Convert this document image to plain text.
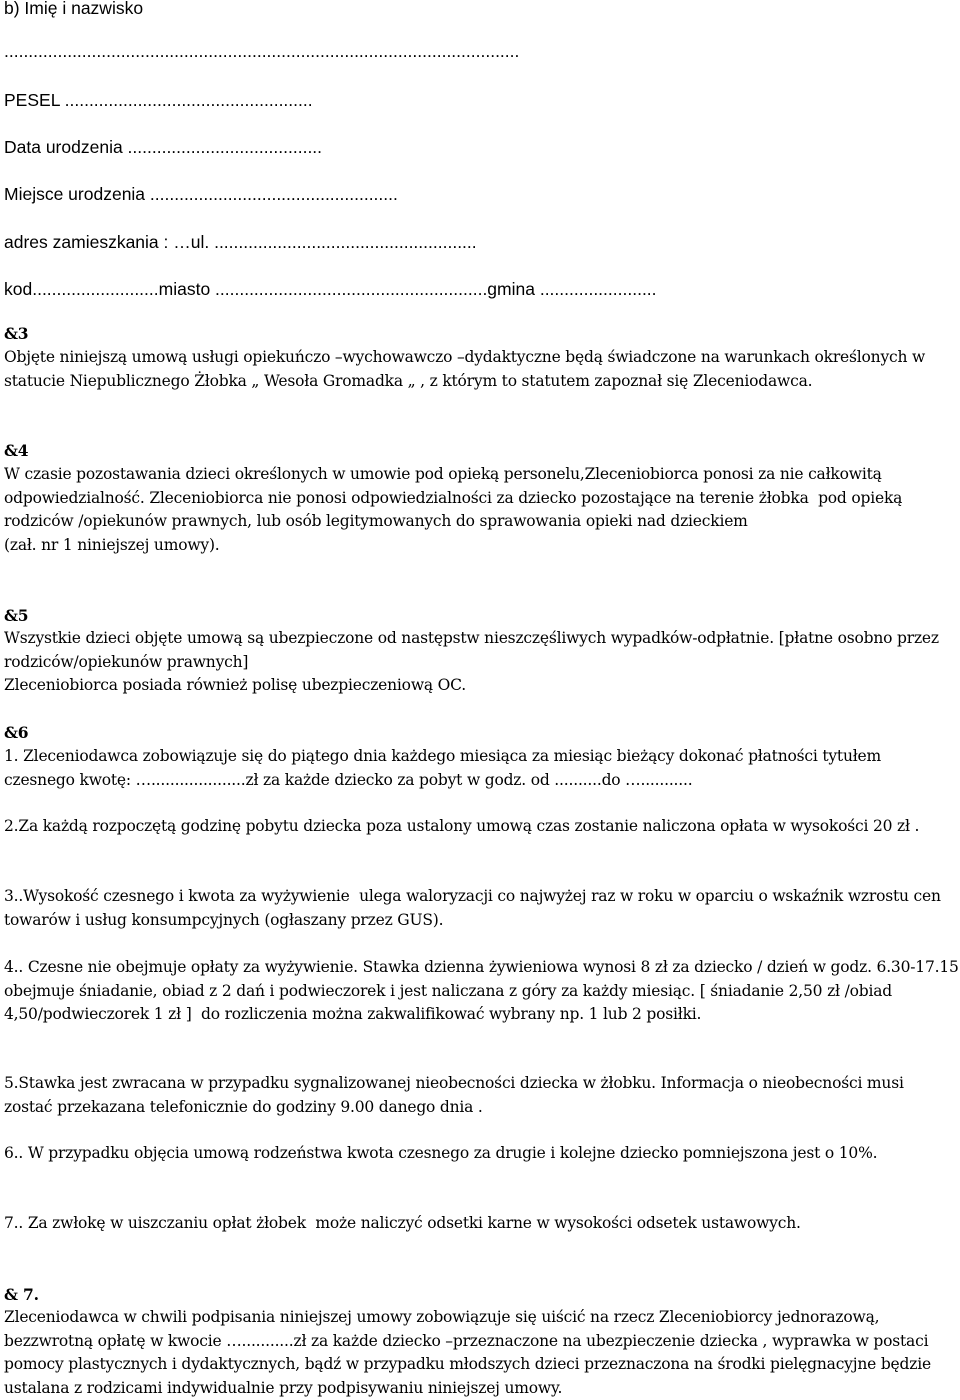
b) Imię i nazwisko
..........................................................................................................
PESEL ...................................................
Data urodzenia ........................................
Miejsce urodzenia ...................................................
adres zamieszkania : …ul. ......................................................
kod..........................miasto ........................................................gmina ........................
&3
Objęte niniejszą umową usługi opiekuńczo –wychowawczo –dydaktyczne będą świadczone na warunkach określonych w statucie Niepublicznego Żłobka „ Wesoła Gromadka „ , z którym to statutem zapoznał się Zleceniodawca.
&4
W czasie pozostawania dzieci określonych w umowie pod opieką personelu,Zleceniobiorca ponosi za nie całkowitą odpowiedzialność. Zleceniobiorca nie ponosi odpowiedzialności za dziecko pozostające na terenie żłobka  pod opieką rodziców /opiekunów prawnych, lub osób legitymowanych do sprawowania opieki nad dzieckiem
(zał. nr 1 niniejszej umowy).
&5
Wszystkie dzieci objęte umową są ubezpieczone od następstw nieszczęśliwych wypadków-odpłatnie. [płatne osobno przez rodziców/opiekunów prawnych]
Zleceniobiorca posiada również polisę ubezpieczeniową OC.
&6
1. Zleceniodawca zobowiązuje się do piątego dnia każdego miesiąca za miesiąc bieżący dokonać płatności tytułem czesnego kwotę: …....................zł za każde dziecko za pobyt w godz. od ..........do …...........
2.Za każdą rozpoczętą godzinę pobytu dziecka poza ustalony umową czas zostanie naliczona opłata w wysokości 20 zł .
3..Wysokość czesnego i kwota za wyżywienie  ulega waloryzacji co najwyżej raz w roku w oparciu o wskaźnik wzrostu cen towarów i usług konsumpcyjnych (ogłaszany przez GUS).
4.. Czesne nie obejmuje opłaty za wyżywienie. Stawka dzienna żywieniowa wynosi 8 zł za dziecko / dzień w godz. 6.30-17.15 obejmuje śniadanie, obiad z 2 dań i podwieczorek i jest naliczana z góry za każdy miesiąc. [ śniadanie 2,50 zł /obiad 4,50/podwieczorek 1 zł ]  do rozliczenia można zakwalifikować wybrany np. 1 lub 2 posiłki.
5.Stawka jest zwracana w przypadku sygnalizowanej nieobecności dziecka w żłobku. Informacja o nieobecności musi zostać przekazana telefonicznie do godziny 9.00 danego dnia .
6.. W przypadku objęcia umową rodzeństwa kwota czesnego za drugie i kolejne dziecko pomniejszona jest o 10%.
7.. Za zwłokę w uiszczaniu opłat żłobek  może naliczyć odsetki karne w wysokości odsetek ustawowych.
& 7.
Zleceniodawca w chwili podpisania niniejszej umowy zobowiązuje się uiścić na rzecz Zleceniobiorcy jednorazową, bezzwrotną opłatę w kwocie …...........zł za każde dziecko –przeznaczone na ubezpieczenie dziecka , wyprawka w postaci pomocy plastycznych i dydaktycznych, bądź w przypadku młodszych dzieci przeznaczona na środki pielęgnacyjne będzie ustalana z rodzicami indywidualnie przy podpisywaniu niniejszej umowy.
